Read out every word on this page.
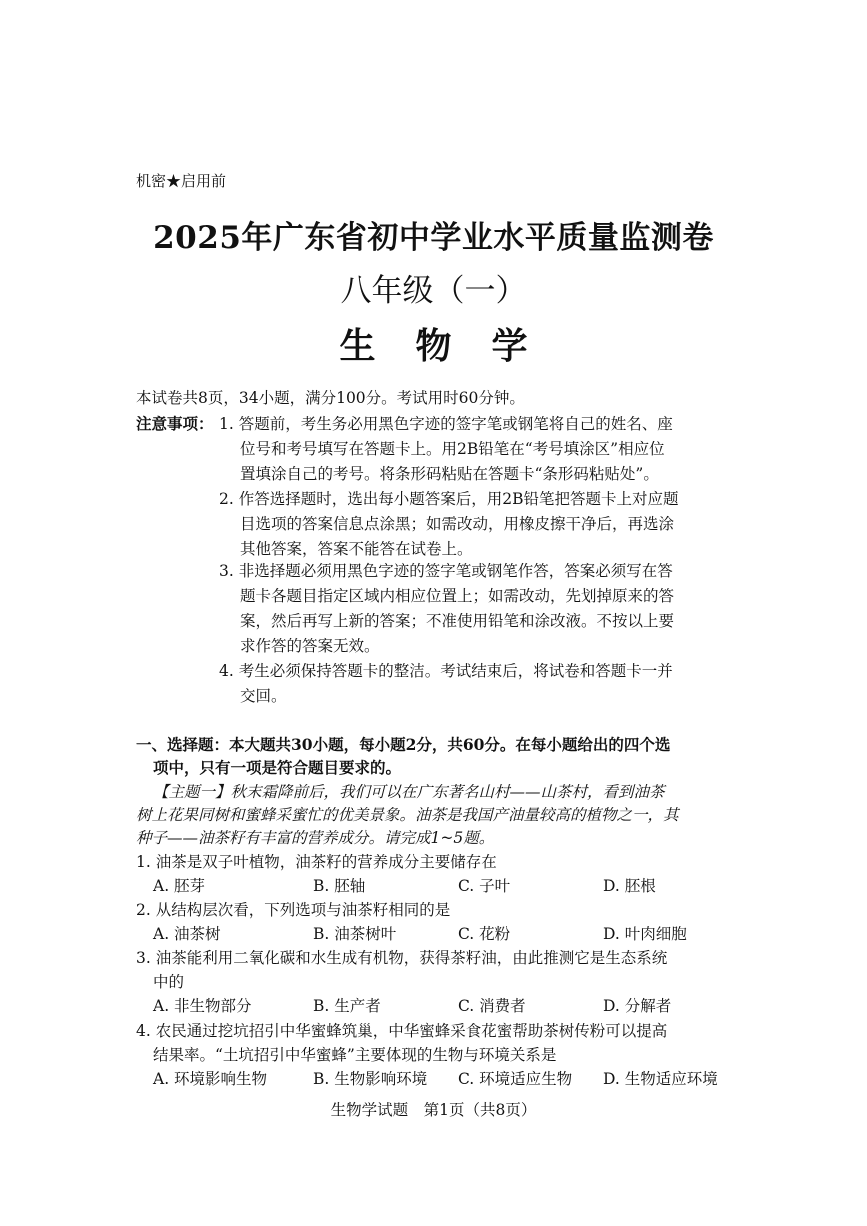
机密★启用前
2025年广东省初中学业水平质量监测卷
八年级（一）
生物学
本试卷共8页，34小题，满分100分。考试用时60分钟。
注意事项： 1. 答题前，考生务必用黑色字迹的签字笔或钢笔将自己的姓名、座
位号和考号填写在答题卡上。用2B铅笔在“考号填涂区”相应位
置填涂自己的考号。将条形码粘贴在答题卡“条形码粘贴处”。
2. 作答选择题时，选出每小题答案后，用2B铅笔把答题卡上对应题
目选项的答案信息点涂黑；如需改动，用橡皮擦干净后，再选涂
其他答案，答案不能答在试卷上。
3. 非选择题必须用黑色字迹的签字笔或钢笔作答，答案必须写在答
题卡各题目指定区域内相应位置上；如需改动，先划掉原来的答
案，然后再写上新的答案；不准使用铅笔和涂改液。不按以上要
求作答的答案无效。
4. 考生必须保持答题卡的整洁。考试结束后，将试卷和答题卡一并
交回。
一、选择题：本大题共30小题，每小题2分，共60分。在每小题给出的四个选
项中，只有一项是符合题目要求的。
【主题一】秋末霜降前后，我们可以在广东著名山村——山茶村，看到油茶
树上花果同树和蜜蜂采蜜忙的优美景象。油茶是我国产油量较高的植物之一，其
种子——油茶籽有丰富的营养成分。请完成1~5题。
1. 油茶是双子叶植物，油茶籽的营养成分主要储存在
A. 胚芽	B. 胚轴	C. 子叶	D. 胚根
2. 从结构层次看，下列选项与油茶籽相同的是
A. 油茶树	B. 油茶树叶	C. 花粉	D. 叶肉细胞
3. 油茶能利用二氧化碳和水生成有机物，获得茶籽油，由此推测它是生态系统
中的
A. 非生物部分	B. 生产者	C. 消费者	D. 分解者
4. 农民通过挖坑招引中华蜜蜂筑巢，中华蜜蜂采食花蜜帮助茶树传粉可以提高
结果率。“土坑招引中华蜜蜂”主要体现的生物与环境关系是
A. 环境影响生物	B. 生物影响环境 C. 环境适应生物 D. 生物适应环境
生物学试题　第1页（共8页）
